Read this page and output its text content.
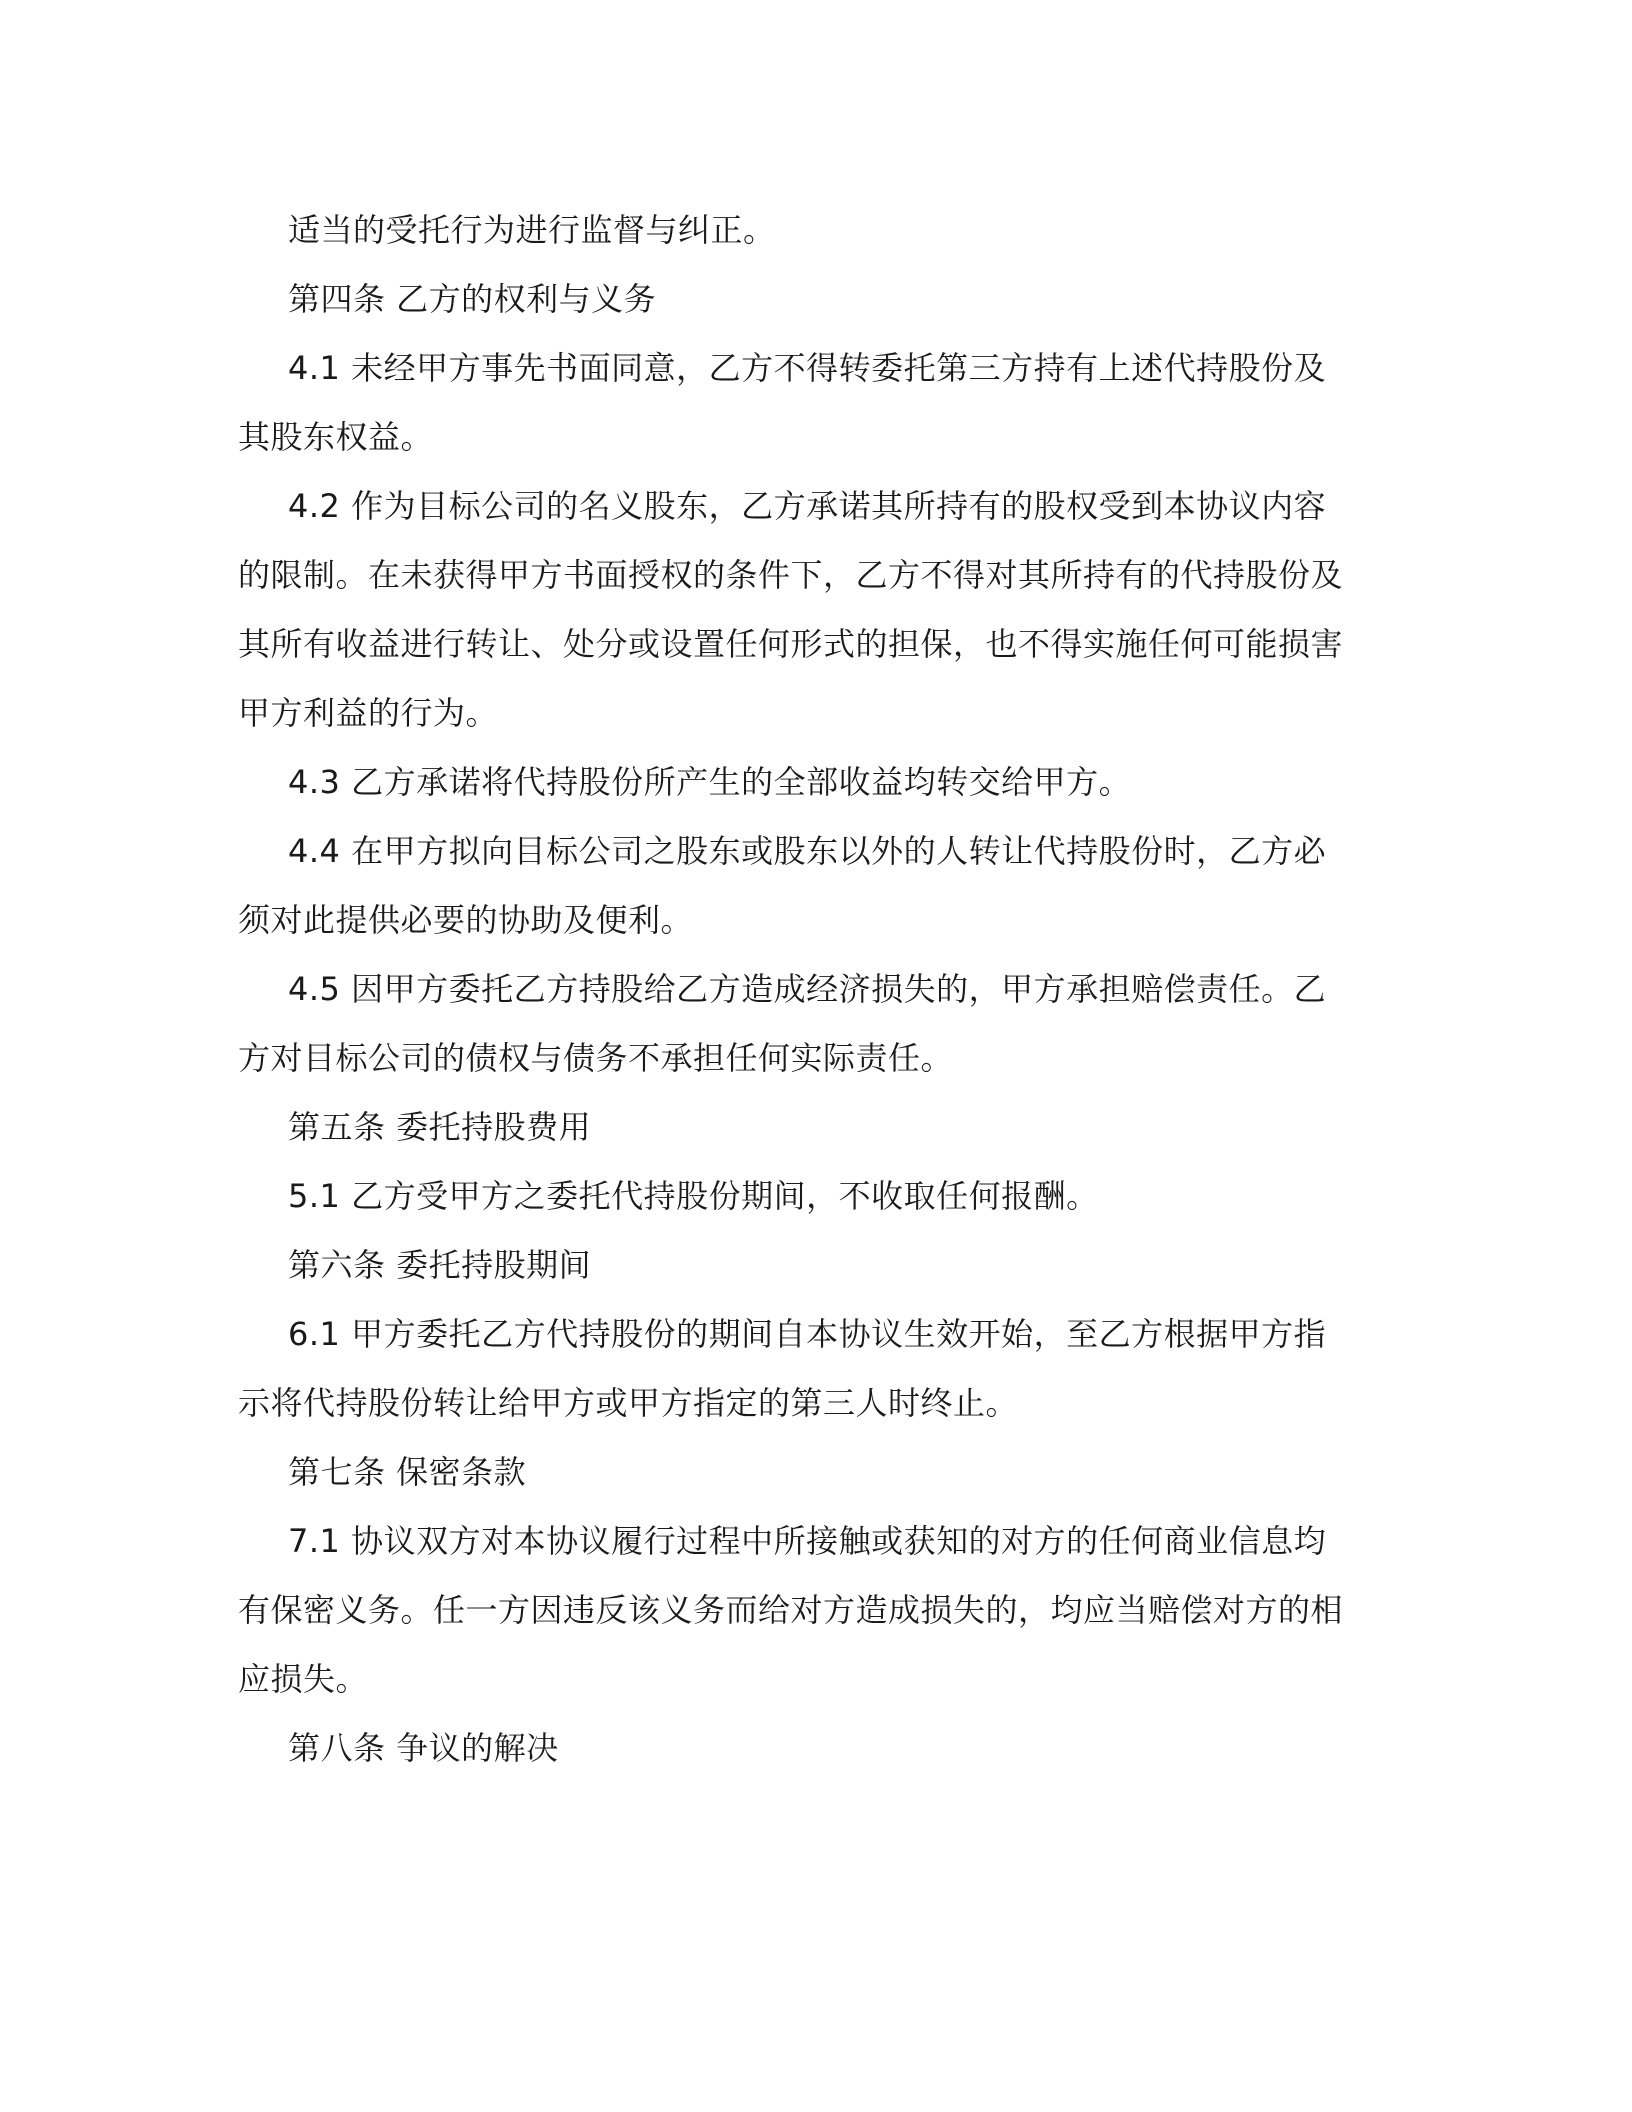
适当的受托行为进行监督与纠正。

第四条 乙方的权利与义务

4.1 未经甲方事先书面同意，乙方不得转委托第三方持有上述代持股份及其股东权益。

4.2 作为目标公司的名义股东，乙方承诺其所持有的股权受到本协议内容的限制。在未获得甲方书面授权的条件下，乙方不得对其所持有的代持股份及其所有收益进行转让、处分或设置任何形式的担保，也不得实施任何可能损害甲方利益的行为。

4.3 乙方承诺将代持股份所产生的全部收益均转交给甲方。

4.4 在甲方拟向目标公司之股东或股东以外的人转让代持股份时，乙方必须对此提供必要的协助及便利。

4.5 因甲方委托乙方持股给乙方造成经济损失的，甲方承担赔偿责任。乙方对目标公司的债权与债务不承担任何实际责任。

第五条 委托持股费用

5.1 乙方受甲方之委托代持股份期间，不收取任何报酬。

第六条 委托持股期间

6.1 甲方委托乙方代持股份的期间自本协议生效开始，至乙方根据甲方指示将代持股份转让给甲方或甲方指定的第三人时终止。

第七条 保密条款

7.1 协议双方对本协议履行过程中所接触或获知的对方的任何商业信息均有保密义务。任一方因违反该义务而给对方造成损失的，均应当赔偿对方的相应损失。

第八条 争议的解决
